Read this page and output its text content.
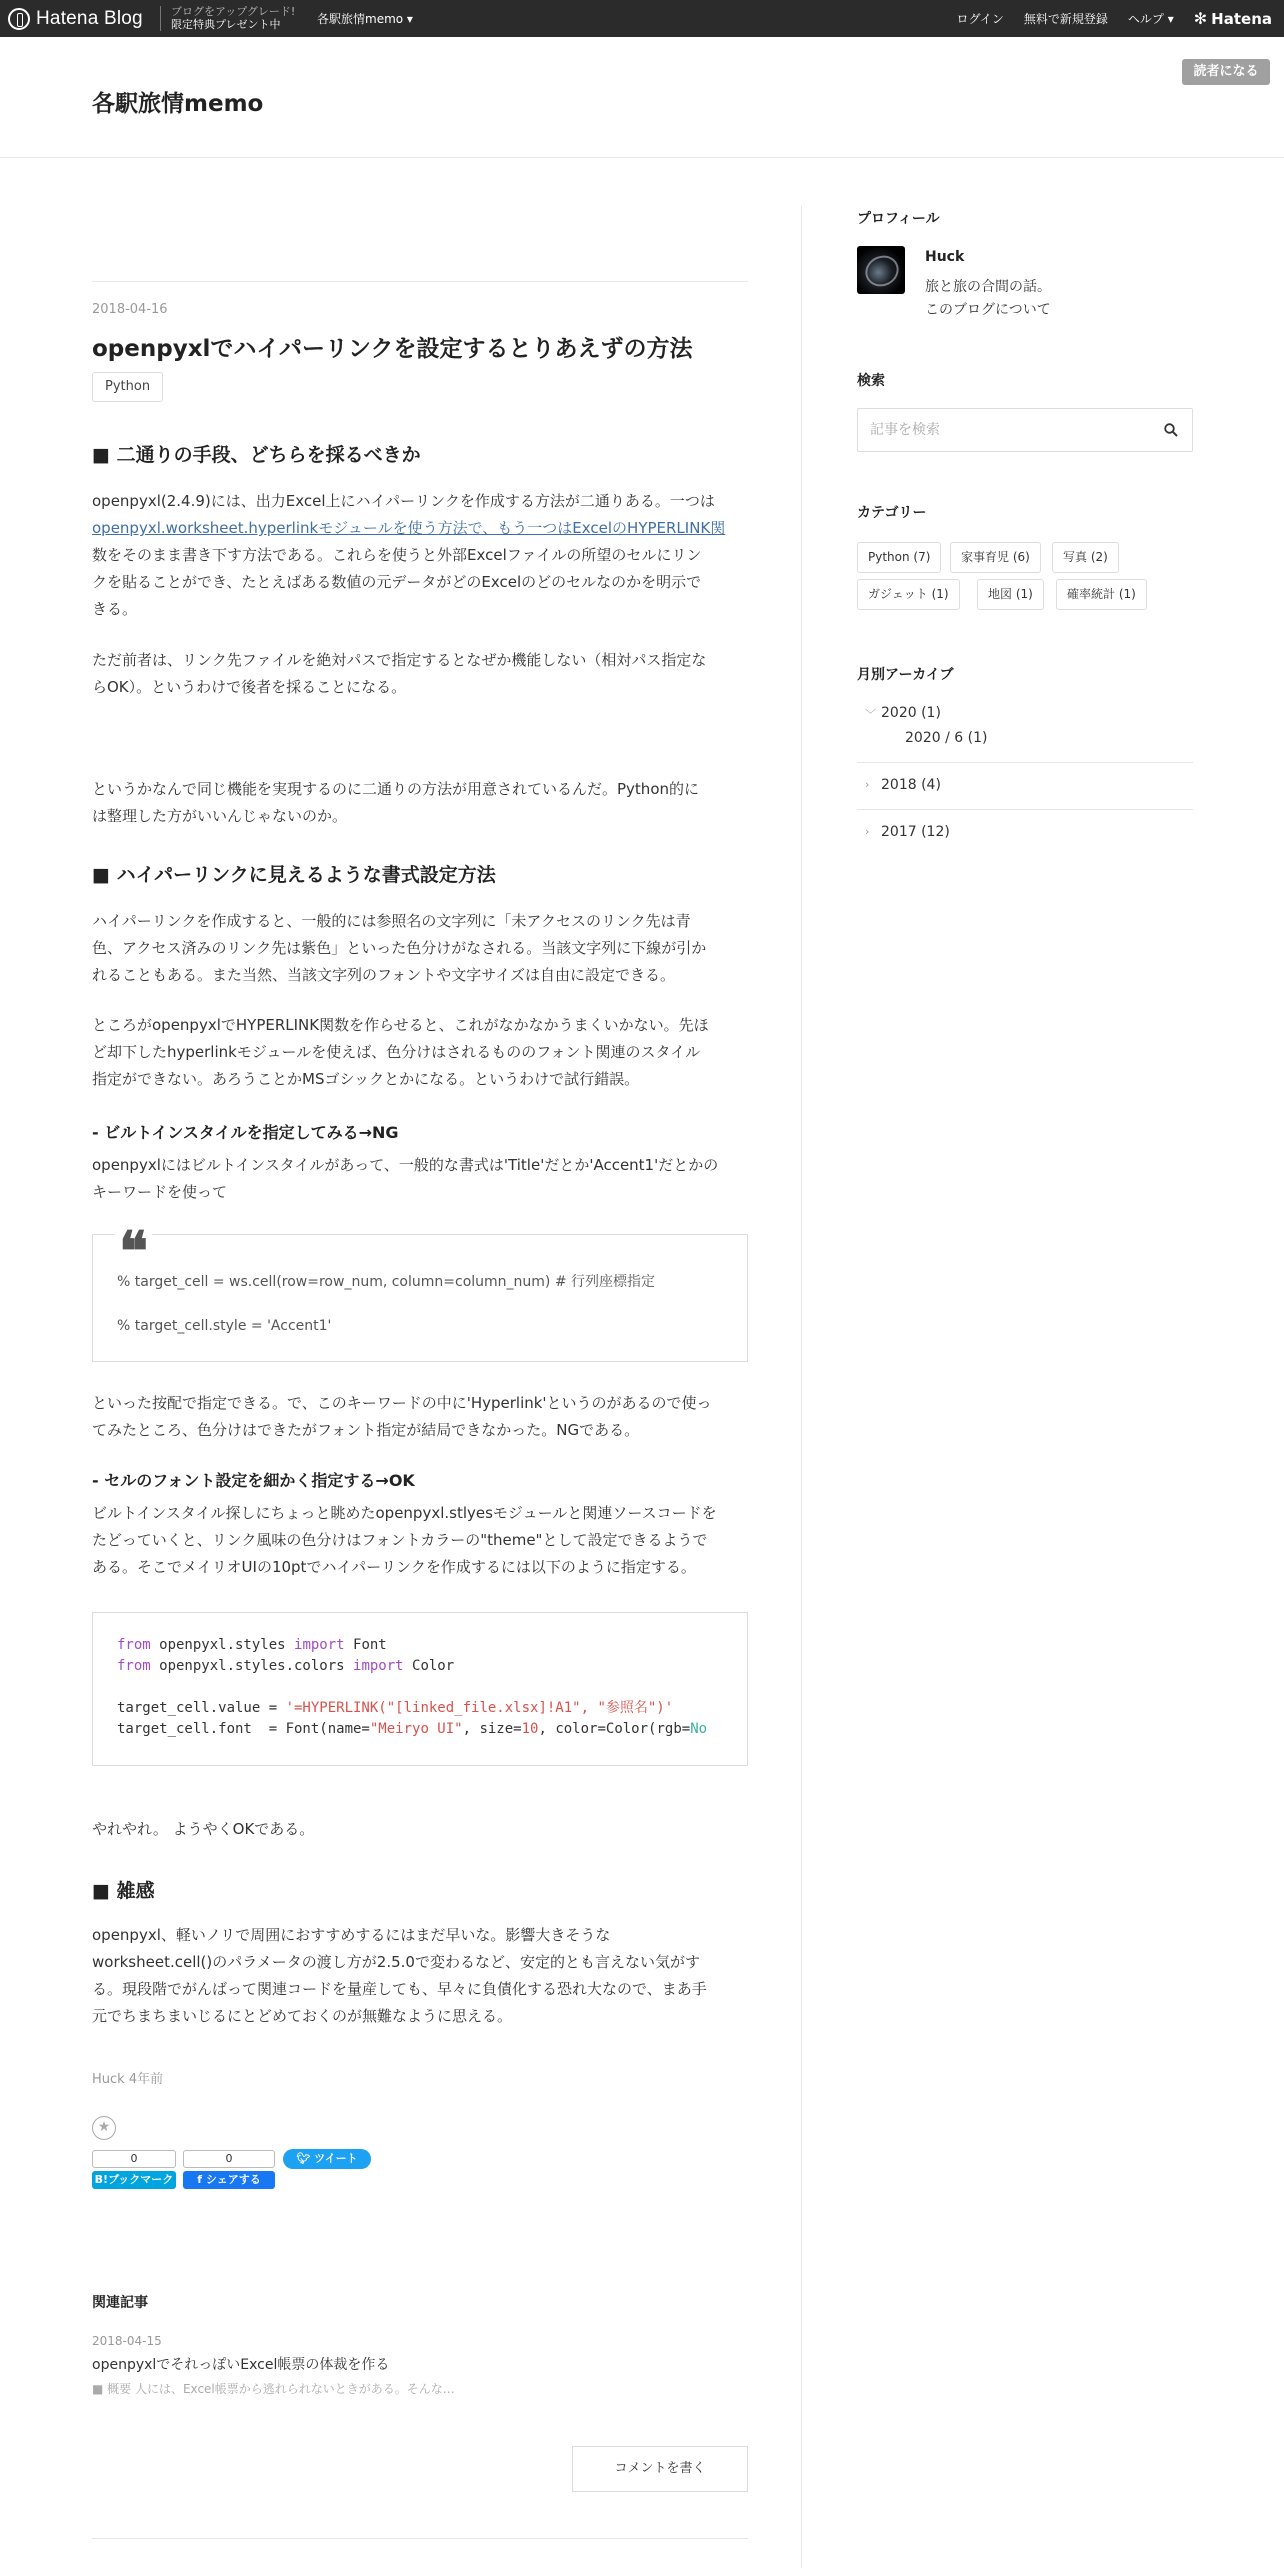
Hatena Blog	ブログをアップグレード!
限定特典プレゼント中	各駅旅情memo ▾	ログイン 無料で新規登録 ヘルプ ▾ ✻ Hatena
各駅旅情memo
読者になる
2018-04-16
openpyxlでハイパーリンクを設定するとりあえずの方法
Python
■ 二通りの手段、どちらを採るべきか
openpyxl(2.4.9)には、出力Excel上にハイパーリンクを作成する方法が二通りある。一つは
openpyxl.worksheet.hyperlinkモジュールを使う方法で、もう一つはExcelのHYPERLINK関
数をそのまま書き下す方法である。これらを使うと外部Excelファイルの所望のセルにリン
クを貼ることができ、たとえばある数値の元データがどのExcelのどのセルなのかを明示で
きる。
ただ前者は、リンク先ファイルを絶対パスで指定するとなぜか機能しない（相対パス指定な
らOK）。というわけで後者を採ることになる。
というかなんで同じ機能を実現するのに二通りの方法が用意されているんだ。Python的に
は整理した方がいいんじゃないのか。
■ ハイパーリンクに見えるような書式設定方法
ハイパーリンクを作成すると、一般的には参照名の文字列に「未アクセスのリンク先は青
色、アクセス済みのリンク先は紫色」といった色分けがなされる。当該文字列に下線が引か
れることもある。また当然、当該文字列のフォントや文字サイズは自由に設定できる。
ところがopenpyxlでHYPERLINK関数を作らせると、これがなかなかうまくいかない。先ほ
ど却下したhyperlinkモジュールを使えば、色分けはされるもののフォント関連のスタイル
指定ができない。あろうことかMSゴシックとかになる。というわけで試行錯誤。
- ビルトインスタイルを指定してみる→NG
openpyxlにはビルトインスタイルがあって、一般的な書式は'Title'だとか'Accent1'だとかの
キーワードを使って
❝
% target_cell = ws.cell(row=row_num, column=column_num) # 行列座標指定
% target_cell.style = 'Accent1'
といった按配で指定できる。で、このキーワードの中に'Hyperlink'というのがあるので使っ
てみたところ、色分けはできたがフォント指定が結局できなかった。NGである。
- セルのフォント設定を細かく指定する→OK
ビルトインスタイル探しにちょっと眺めたopenpyxl.stlyesモジュールと関連ソースコードを
たどっていくと、リンク風味の色分けはフォントカラーの"theme"として設定できるようで
ある。そこでメイリオUIの10ptでハイパーリンクを作成するには以下のように指定する。
from openpyxl.styles import Font
from openpyxl.styles.colors import Color

target_cell.value = '=HYPERLINK("[linked_file.xlsx]!A1", "参照名")'
target_cell.font  = Font(name="Meiryo UI", size=10, color=Color(rgb=No
やれやれ。 ようやくOKである。
■ 雑感
openpyxl、軽いノリで周囲におすすめするにはまだ早いな。影響大きそうな
worksheet.cell()のパラメータの渡し方が2.5.0で変わるなど、安定的とも言えない気がす
る。現段階でがんばって関連コードを量産しても、早々に負債化する恐れ大なので、まあ手
元でちまちまいじるにとどめておくのが無難なように思える。
Huck 4年前
★
0
B!ブックマーク
0
f シェアする
🐦︎ ツイート
関連記事
2018-04-15
openpyxlでそれっぽいExcel帳票の体裁を作る
■ 概要 人には、Excel帳票から逃れられないときがある。そんな…
コメントを書く
プロフィール
Huck
旅と旅の合間の話。
このブログについて
検索
記事を検索
カテゴリー
Python (7)	家事育児 (6)	写真 (2)
ガジェット (1)	地図 (1)	確率統計 (1)
月別アーカイブ
﹀ 2020 (1)
2020 / 6 (1)
› 2018 (4)
› 2017 (12)
